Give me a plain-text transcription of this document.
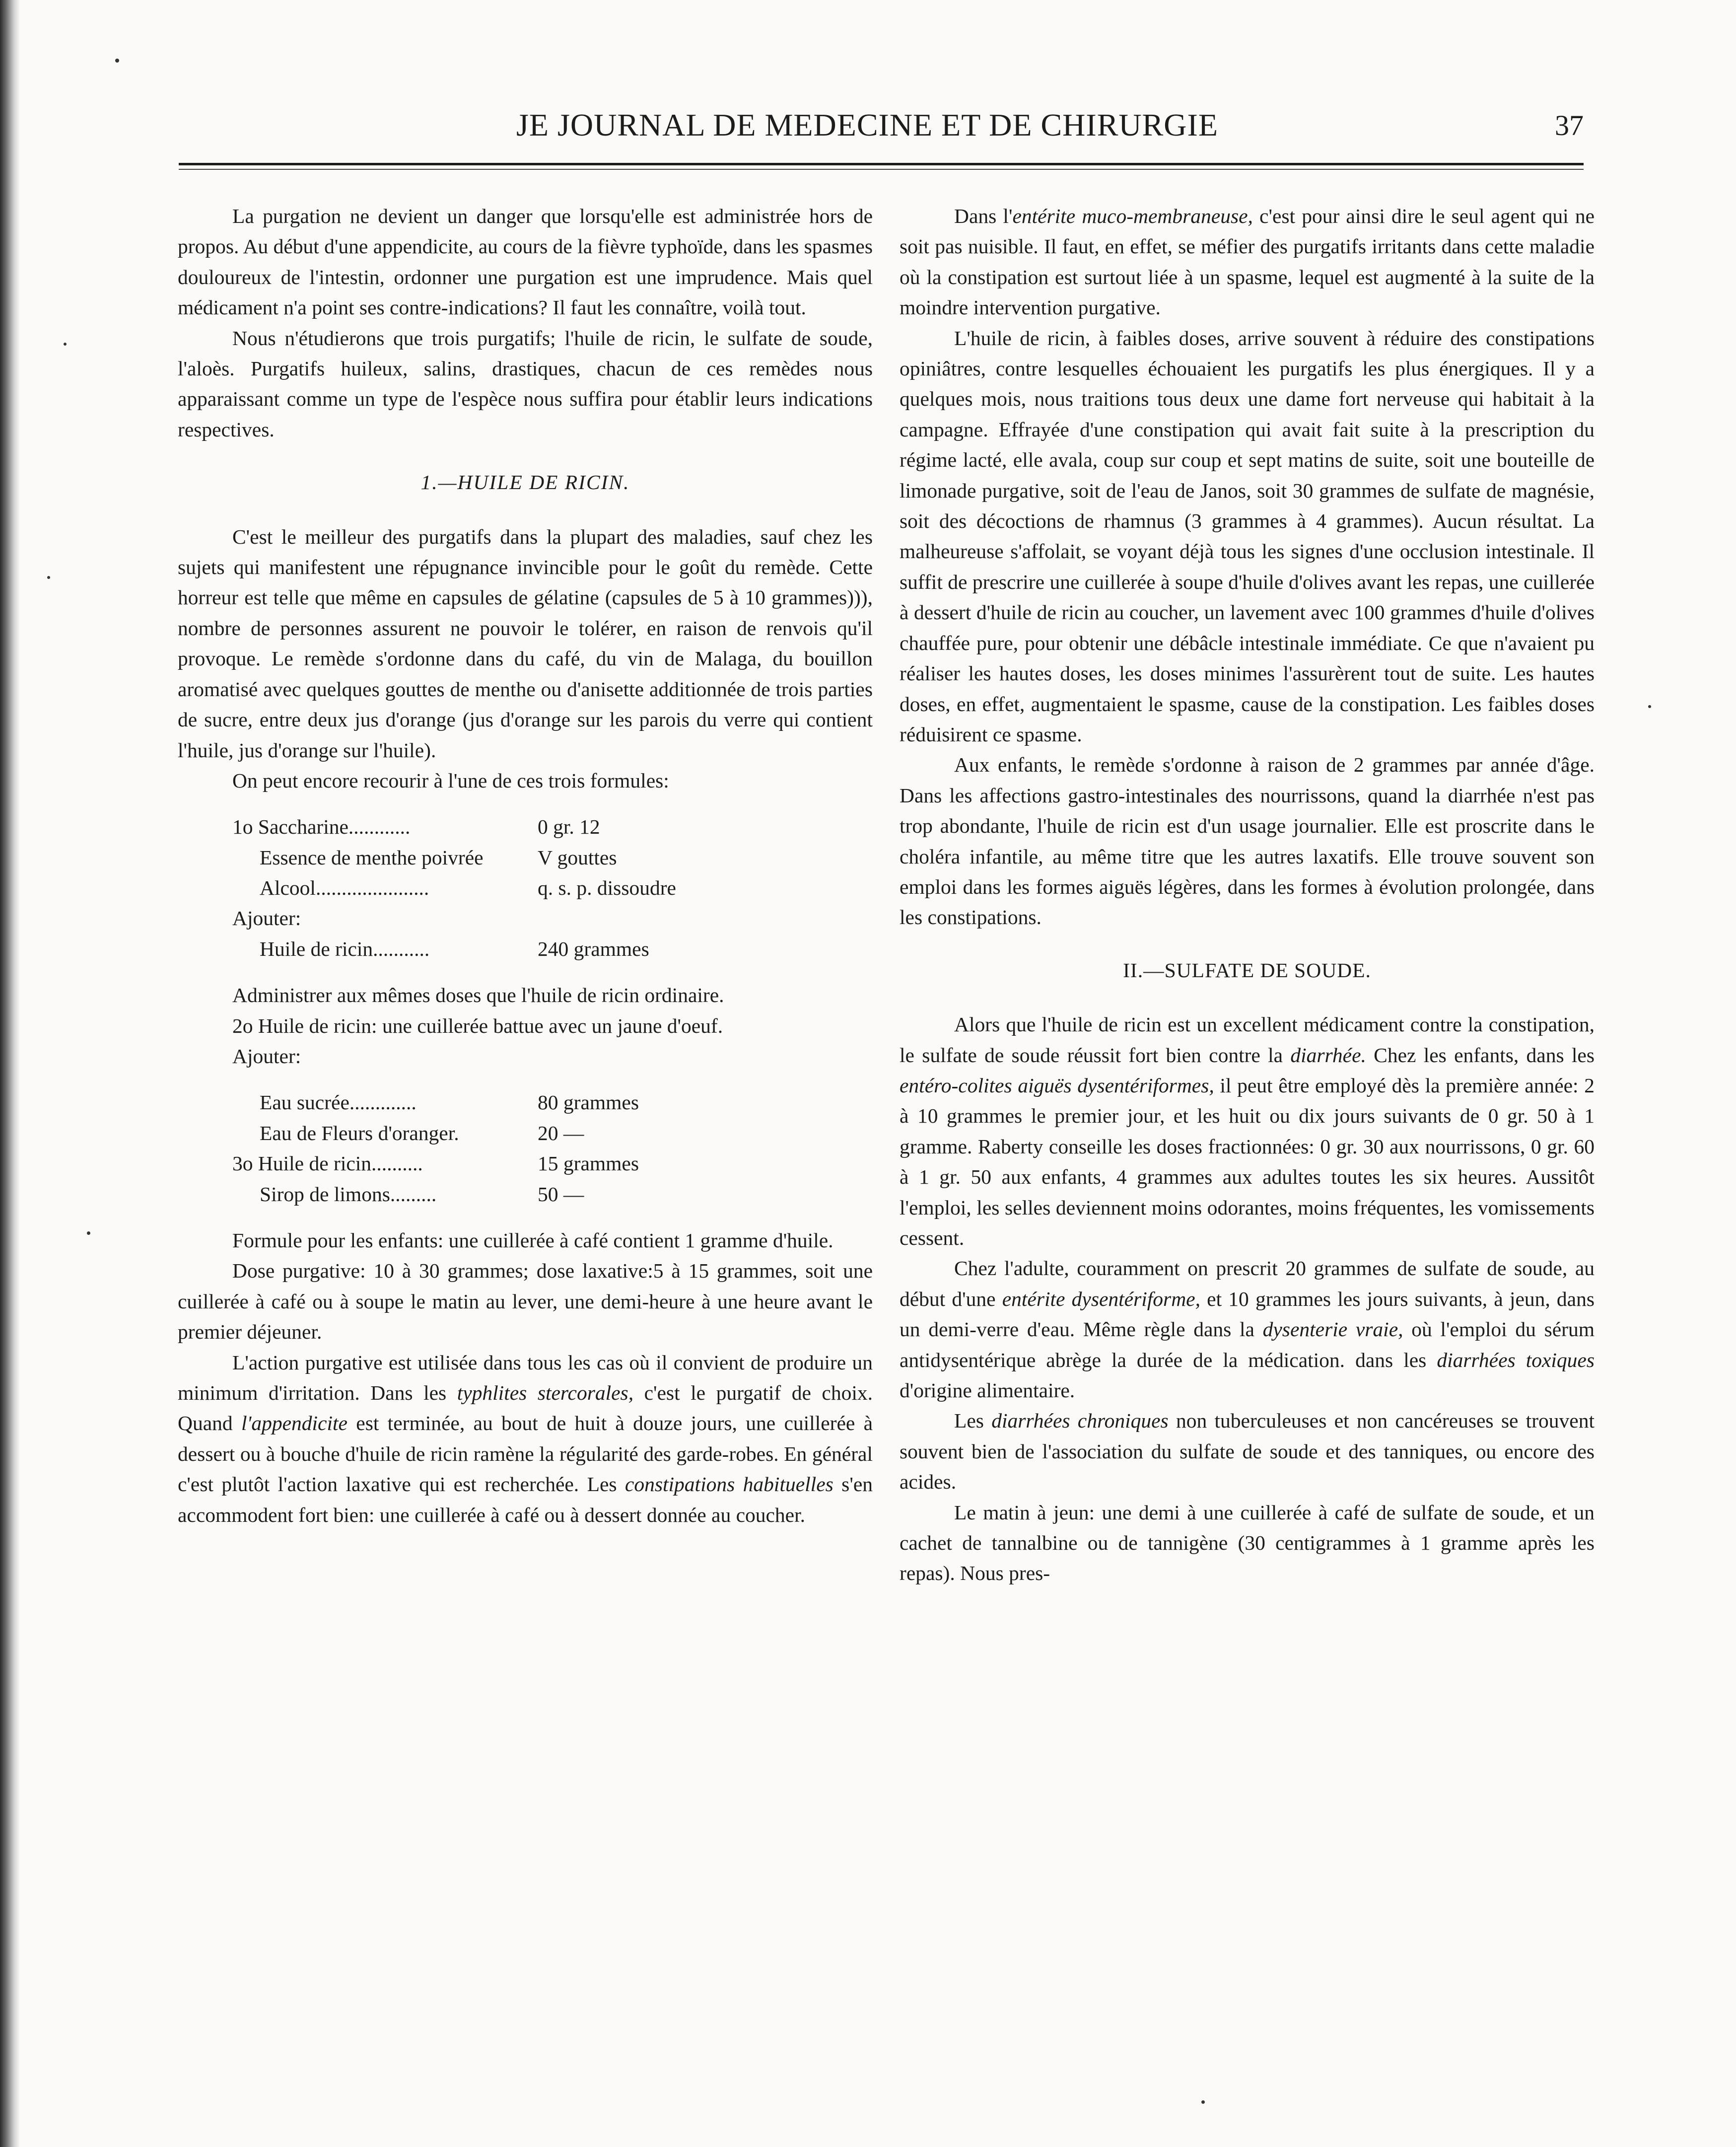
JE JOURNAL DE MEDECINE ET DE CHIRURGIE	37

La purgation ne devient un danger que lorsqu'elle est administrée hors de propos. Au début d'une appendicite, au cours de la fièvre typhoïde, dans les spasmes douloureux de l'intestin, ordonner une purgation est une imprudence. Mais quel médicament n'a point ses contre-indications? Il faut les connaître, voilà tout.

Nous n'étudierons que trois purgatifs; l'huile de ricin, le sulfate de soude, l'aloès. Purgatifs huileux, salins, drastiques, chacun de ces remèdes nous apparaissant comme un type de l'espèce nous suffira pour établir leurs indications respectives.

1.—HUILE DE RICIN.

C'est le meilleur des purgatifs dans la plupart des maladies, sauf chez les sujets qui manifestent une répugnance invincible pour le goût du remède. Cette horreur est telle que même en capsules de gélatine (capsules de 5 à 10 grammes))), nombre de personnes assurent ne pouvoir le tolérer, en raison de renvois qu'il provoque. Le remède s'ordonne dans du café, du vin de Malaga, du bouillon aromatisé avec quelques gouttes de menthe ou d'anisette additionnée de trois parties de sucre, entre deux jus d'orange (jus d'orange sur les parois du verre qui contient l'huile, jus d'orange sur l'huile).

On peut encore recourir à l'une de ces trois formules:

1o Saccharine............	0 gr. 12
Essence de menthe poivrée	V gouttes
Alcool......................	q. s. p. dissoudre
Ajouter:
Huile de ricin...........	240 grammes

Administrer aux mêmes doses que l'huile de ricin ordinaire.

2o Huile de ricin: une cuillerée battue avec un jaune d'oeuf.

Ajouter:

Eau sucrée.............	80 grammes
Eau de Fleurs d'oranger.	20 —
3o Huile de ricin..........	15 grammes
Sirop de limons.........	50 —

Formule pour les enfants: une cuillerée à café contient 1 gramme d'huile.

Dose purgative: 10 à 30 grammes; dose laxative:5 à 15 grammes, soit une cuillerée à café ou à soupe le matin au lever, une demi-heure à une heure avant le premier déjeuner.

L'action purgative est utilisée dans tous les cas où il convient de produire un minimum d'irritation. Dans les typhlites stercorales, c'est le purgatif de choix. Quand l'appendicite est terminée, au bout de huit à douze jours, une cuillerée à dessert ou à bouche d'huile de ricin ramène la régularité des garde-robes. En général c'est plutôt l'action laxative qui est recherchée. Les constipations habituelles s'en accommodent fort bien: une cuillerée à café ou à dessert donnée au coucher.

Dans l'entérite muco-membraneuse, c'est pour ainsi dire le seul agent qui ne soit pas nuisible. Il faut, en effet, se méfier des purgatifs irritants dans cette maladie où la constipation est surtout liée à un spasme, lequel est augmenté à la suite de la moindre intervention purgative.

L'huile de ricin, à faibles doses, arrive souvent à réduire des constipations opiniâtres, contre lesquelles échouaient les purgatifs les plus énergiques. Il y a quelques mois, nous traitions tous deux une dame fort nerveuse qui habitait à la campagne. Effrayée d'une constipation qui avait fait suite à la prescription du régime lacté, elle avala, coup sur coup et sept matins de suite, soit une bouteille de limonade purgative, soit de l'eau de Janos, soit 30 grammes de sulfate de magnésie, soit des décoctions de rhamnus (3 grammes à 4 grammes). Aucun résultat. La malheureuse s'affolait, se voyant déjà tous les signes d'une occlusion intestinale. Il suffit de prescrire une cuillerée à soupe d'huile d'olives avant les repas, une cuillerée à dessert d'huile de ricin au coucher, un lavement avec 100 grammes d'huile d'olives chauffée pure, pour obtenir une débâcle intestinale immédiate. Ce que n'avaient pu réaliser les hautes doses, les doses minimes l'assurèrent tout de suite. Les hautes doses, en effet, augmentaient le spasme, cause de la constipation. Les faibles doses réduisirent ce spasme.

Aux enfants, le remède s'ordonne à raison de 2 grammes par année d'âge. Dans les affections gastro-intestinales des nourrissons, quand la diarrhée n'est pas trop abondante, l'huile de ricin est d'un usage journalier. Elle est proscrite dans le choléra infantile, au même titre que les autres laxatifs. Elle trouve souvent son emploi dans les formes aiguës légères, dans les formes à évolution prolongée, dans les constipations.

II.—SULFATE DE SOUDE.

Alors que l'huile de ricin est un excellent médicament contre la constipation, le sulfate de soude réussit fort bien contre la diarrhée. Chez les enfants, dans les entéro-colites aiguës dysentériformes, il peut être employé dès la première année: 2 à 10 grammes le premier jour, et les huit ou dix jours suivants de 0 gr. 50 à 1 gramme. Raberty conseille les doses fractionnées: 0 gr. 30 aux nourrissons, 0 gr. 60 à 1 gr. 50 aux enfants, 4 grammes aux adultes toutes les six heures. Aussitôt l'emploi, les selles deviennent moins odorantes, moins fréquentes, les vomissements cessent.

Chez l'adulte, couramment on prescrit 20 grammes de sulfate de soude, au début d'une entérite dysentériforme, et 10 grammes les jours suivants, à jeun, dans un demi-verre d'eau. Même règle dans la dysenterie vraie, où l'emploi du sérum antidysentérique abrège la durée de la médication. dans les diarrhées toxiques d'origine alimentaire.

Les diarrhées chroniques non tuberculeuses et non cancéreuses se trouvent souvent bien de l'association du sulfate de soude et des tanniques, ou encore des acides.

Le matin à jeun: une demi à une cuillerée à café de sulfate de soude, et un cachet de tannalbine ou de tannigène (30 centigrammes à 1 gramme après les repas). Nous pres-
